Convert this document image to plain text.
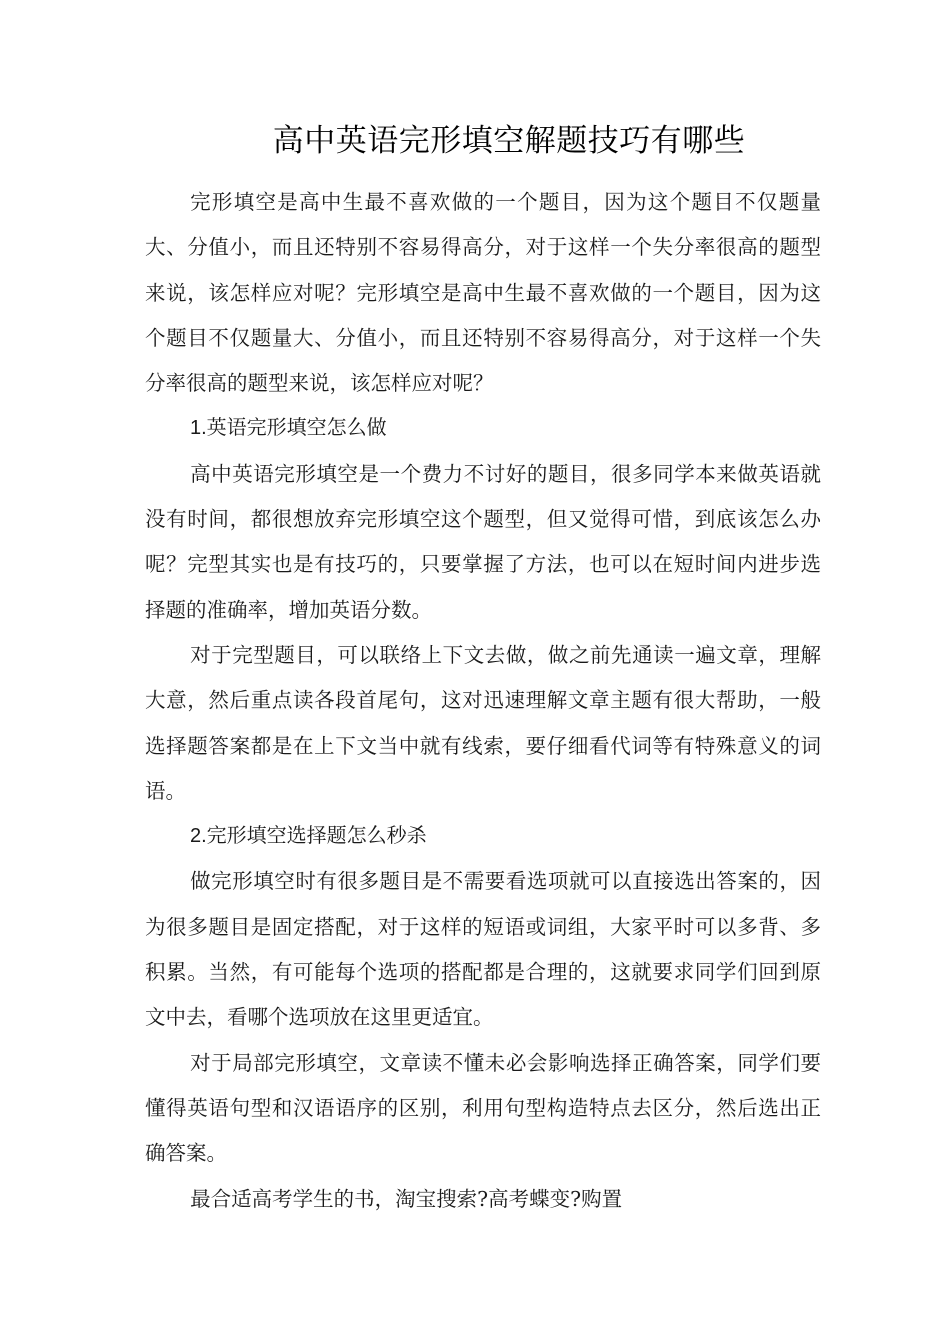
高中英语完形填空解题技巧有哪些

完形填空是高中生最不喜欢做的一个题目，因为这个题目不仅题量大、分值小，而且还特别不容易得高分，对于这样一个失分率很高的题型来说，该怎样应对呢？完形填空是高中生最不喜欢做的一个题目，因为这个题目不仅题量大、分值小，而且还特别不容易得高分，对于这样一个失分率很高的题型来说，该怎样应对呢？

1.英语完形填空怎么做

高中英语完形填空是一个费力不讨好的题目，很多同学本来做英语就没有时间，都很想放弃完形填空这个题型，但又觉得可惜，到底该怎么办呢？完型其实也是有技巧的，只要掌握了方法，也可以在短时间内进步选择题的准确率，增加英语分数。

对于完型题目，可以联络上下文去做，做之前先通读一遍文章，理解大意，然后重点读各段首尾句，这对迅速理解文章主题有很大帮助，一般选择题答案都是在上下文当中就有线索，要仔细看代词等有特殊意义的词语。

2.完形填空选择题怎么秒杀

做完形填空时有很多题目是不需要看选项就可以直接选出答案的，因为很多题目是固定搭配，对于这样的短语或词组，大家平时可以多背、多积累。当然，有可能每个选项的搭配都是合理的，这就要求同学们回到原文中去，看哪个选项放在这里更适宜。

对于局部完形填空，文章读不懂未必会影响选择正确答案，同学们要懂得英语句型和汉语语序的区别，利用句型构造特点去区分，然后选出正确答案。

最合适高考学生的书，淘宝搜索?高考蝶变?购置
